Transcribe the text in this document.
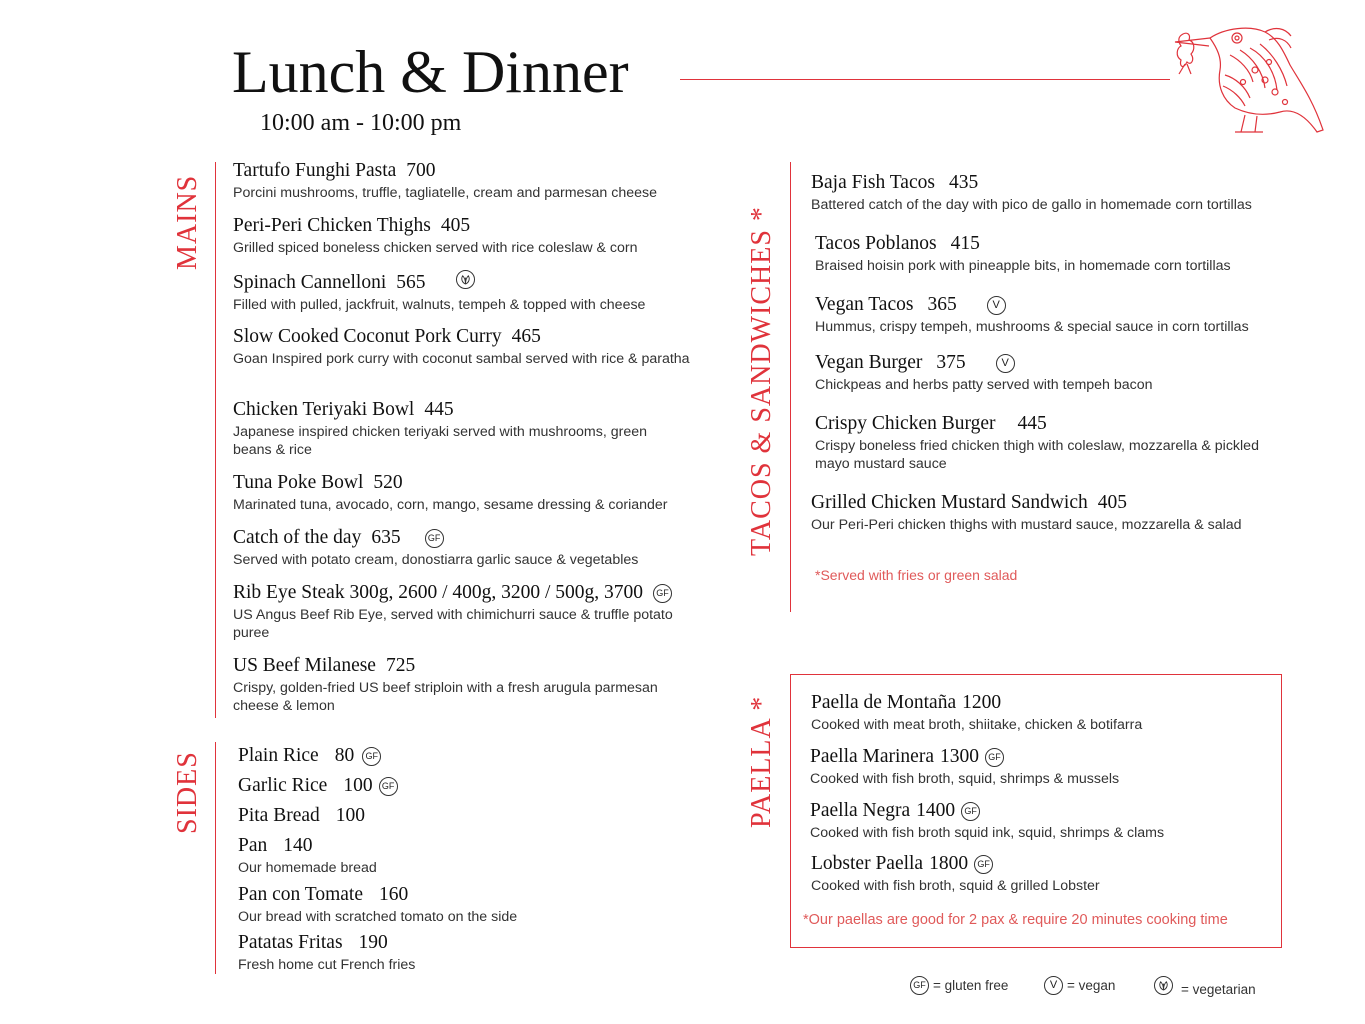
Lunch & Dinner
10:00 am - 10:00 pm
MAINS
Tartufo Funghi Pasta 700
Porcini mushrooms, truffle, tagliatelle, cream and parmesan cheese
Peri-Peri Chicken Thighs 405
Grilled spiced boneless chicken served with rice coleslaw & corn
Spinach Cannelloni 565
Filled with pulled, jackfruit, walnuts, tempeh & topped with cheese
Slow Cooked Coconut Pork Curry 465
Goan Inspired pork curry with coconut sambal served with rice & paratha
Chicken Teriyaki Bowl 445
Japanese inspired chicken teriyaki served with mushrooms, green beans & rice
Tuna Poke Bowl 520
Marinated tuna, avocado, corn, mango, sesame dressing & coriander
Catch of the day 635	GF
Served with potato cream, donostiarra garlic sauce & vegetables
Rib Eye Steak 300g, 2600 / 400g, 3200 / 500g, 3700 GF
US Angus Beef Rib Eye, served with chimichurri sauce & truffle potato puree
US Beef Milanese 725
Crispy, golden-fried US beef striploin with a fresh arugula parmesan cheese & lemon
SIDES Plain Rice 80 GF
Garlic Rice 100 GF
Pita Bread 100
Pan 140
Our homemade bread
Pan con Tomate 160
Our bread with scratched tomato on the side
Patatas Fritas 190
Fresh home cut French fries
TACOS & SANDWICHES *
Baja Fish Tacos 435
Battered catch of the day with pico de gallo in homemade corn tortillas
Tacos Poblanos 415
Braised hoisin pork with pineapple bits, in homemade corn tortillas
Vegan Tacos 365	V
Hummus, crispy tempeh, mushrooms & special sauce in corn tortillas
Vegan Burger 375	V
Chickpeas and herbs patty served with tempeh bacon
Crispy Chicken Burger 445
Crispy boneless fried chicken thigh with coleslaw, mozzarella & pickled mayo mustard sauce
Grilled Chicken Mustard Sandwich 405
Our Peri-Peri chicken thighs with mustard sauce, mozzarella & salad
*Served with fries or green salad
PAELLA * Paella de Montaña 1200
Cooked with meat broth, shiitake, chicken & botifarra
Paella Marinera 1300 GF
Cooked with fish broth, squid, shrimps & mussels
Paella Negra 1400 GF
Cooked with fish broth squid ink, squid, shrimps & clams
Lobster Paella 1800 GF
Cooked with fish broth, squid & grilled Lobster
*Our paellas are good for 2 pax & require 20 minutes cooking time
GF = gluten free	V = vegan	= vegetarian
